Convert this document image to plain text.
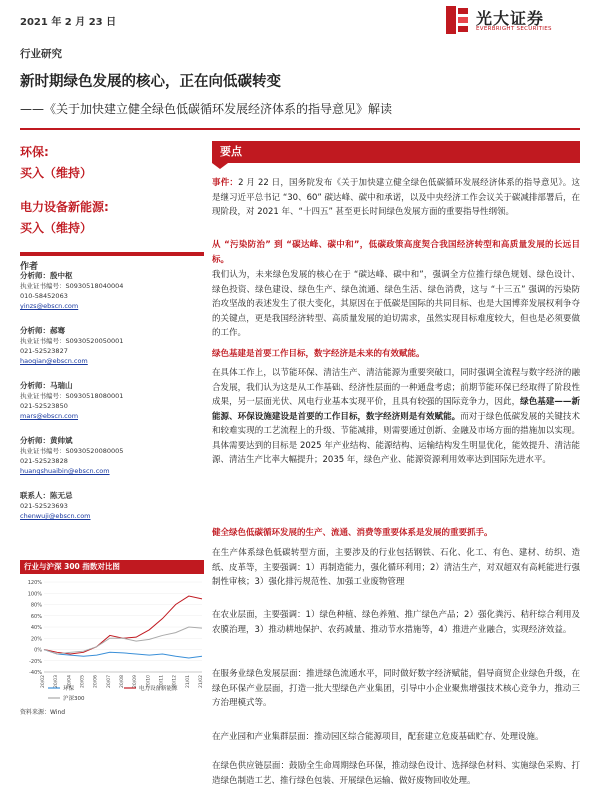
2021 年 2 月 23 日	光大证券
EVERBRIGHT SECURITIES
行业研究
新时期绿色发展的核心，正在向低碳转变
——《关于加快建立健全绿色低碳循环发展经济体系的指导意见》解读
环保:
买入（维持）
电力设备新能源:
买入（维持）
作者
分析师：殷中枢
执业证书编号：S0930518040004
010-58452063
yinzs@ebscn.com
分析师：郝骞
执业证书编号：S0930520050001
021-52523827
haoqian@ebscn.com
分析师：马瑞山
执业证书编号：S0930518080001
021-52523850
mars@ebscn.com
分析师：黄帅斌
执业证书编号：S0930520080005
021-52523828
huangshuaibin@ebscn.com
联系人：陈无忌
021-52523693
chenwuji@ebscn.com
行业与沪深 300 指数对比图
120%
100%
80%
60%
40%
20%
0%
-20%
-40%
20/02 20/03 20/04 20/05 20/06 20/07 20/08 20/09 20/10 20/11 20/12 21/01 21/02
环保	电力设备新能源
沪深300
资料来源：Wind
要点
事件：2 月 22 日，国务院发布《关于加快建立健全绿色低碳循环发展经济体系的指导意见》。这是继习近平总书记 “30、60” 碳达峰、碳中和承诺，以及中央经济工作会议关于碳减排部署后，在现阶段，对 2021 年、“十四五” 甚至更长时间绿色发展方面的重要指导性纲领。
从 “污染防治” 到 “碳达峰、碳中和”，低碳政策高度契合我国经济转型和高质量发展的长远目标。
我们认为，未来绿色发展的核心在于 “碳达峰、碳中和”，强调全方位推行绿色规划、绿色设计、绿色投资、绿色建设、绿色生产、绿色流通、绿色生活、绿色消费，这与 “十三五” 强调的污染防治攻坚战的表述发生了很大变化，其原因在于低碳是国际的共同目标、也是大国博弈发展权利争夺的关键点，更是我国经济转型、高质量发展的迫切需求，虽然实现目标难度较大，但也是必须要做的工作。
绿色基建是首要工作目标，数字经济是未来的有效赋能。
在具体工作上，以节能环保、清洁生产、清洁能源为重要突破口，同时强调全流程与数字经济的融合发展，我们认为这是从工作基础、经济性层面的一种通盘考虑；前期节能环保已经取得了阶段性成果，另一层面光伏、风电行业基本实现平价，且具有较强的国际竞争力，因此，绿色基建——新能源、环保设施建设是首要的工作目标，数字经济则是有效赋能。而对于绿色低碳发展的关键技术和较难实现的工艺流程上的升级、节能减排，则需要通过创新、金融及市场方面的措施加以实现。具体需要达到的目标是 2025 年产业结构、能源结构、运输结构发生明显优化，能效提升、清洁能源、清洁生产比率大幅提升；2035 年，绿色产业、能源资源利用效率达到国际先进水平。
健全绿色低碳循环发展的生产、流通、消费等重要体系是发展的重要抓手。
在生产体系绿色低碳转型方面，主要涉及的行业包括钢铁、石化、化工、有色、建材、纺织、造纸、皮革等，主要强调：1）再制造能力，强化循环利用；2）清洁生产，对双超双有高耗能进行强制性审核；3）强化排污规范性、加强工业废物管理
在农业层面，主要强调：1）绿色种植、绿色养殖、推广绿色产品；2）强化粪污、秸秆综合利用及农膜治理，3）推动耕地保护、农药减量、推动节水措施等，4）推进产业融合，实现经济效益。
在服务业绿色发展层面：推进绿色流通水平，同时做好数字经济赋能，倡导商贸企业绿色升级，在绿色环保产业层面，打造一批大型绿色产业集团，引导中小企业聚焦增强技术核心竞争力，推动三方治理模式等。
在产业园和产业集群层面：推动园区综合能源项目，配套建立危废基础贮存、处理设施。
在绿色供应链层面：鼓励全生命周期绿色环保，推动绿色设计、选择绿色材料、实施绿色采购、打造绿色制造工艺、推行绿色包装、开展绿色运输、做好废物回收处理。
